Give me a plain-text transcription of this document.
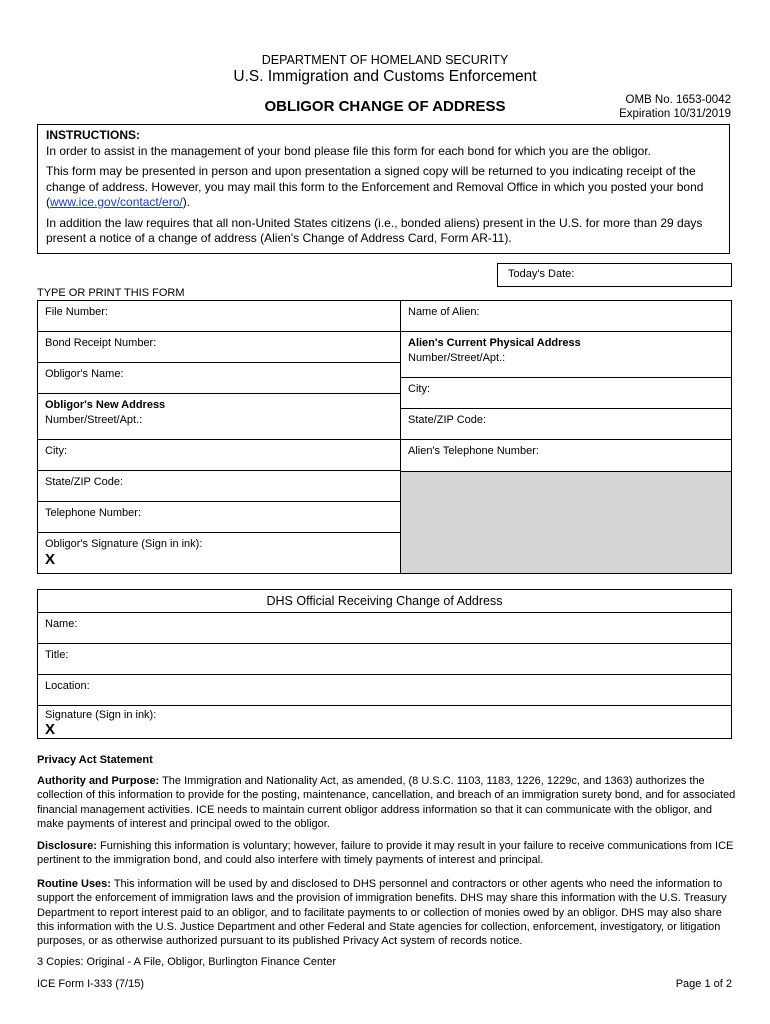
DEPARTMENT OF HOMELAND SECURITY
U.S. Immigration and Customs Enforcement
OBLIGOR CHANGE OF ADDRESS	OMB No. 1653-0042
Expiration 10/31/2019

INSTRUCTIONS:

In order to assist in the management of your bond please file this form for each bond for which you are the obligor.

This form may be presented in person and upon presentation a signed copy will be returned to you indicating receipt of the change of address. However, you may mail this form to the Enforcement and Removal Office in which you posted your bond (www.ice.gov/contact/ero/).

In addition the law requires that all non-United States citizens (i.e., bonded aliens) present in the U.S. for more than 29 days present a notice of a change of address (Alien's Change of Address Card, Form AR-11).

Today's Date:
TYPE OR PRINT THIS FORM
File Number:
Bond Receipt Number:
Obligor's Name:
Obligor's New Address
Number/Street/Apt.:
City:
State/ZIP Code:
Telephone Number:
Obligor's Signature (Sign in ink):
X
Name of Alien:
Alien's Current Physical Address
Number/Street/Apt.:
City:
State/ZIP Code:
Alien's Telephone Number:
DHS Official Receiving Change of Address
Name:
Title:
Location:
Signature (Sign in ink):
X

Privacy Act Statement

Authority and Purpose: The Immigration and Nationality Act, as amended, (8 U.S.C. 1103, 1183, 1226, 1229c, and 1363) authorizes the collection of this information to provide for the posting, maintenance, cancellation, and breach of an immigration surety bond, and for associated financial management activities. ICE needs to maintain current obligor address information so that it can communicate with the obligor, and make payments of interest and principal owed to the obligor.

Disclosure: Furnishing this information is voluntary; however, failure to provide it may result in your failure to receive communications from ICE pertinent to the immigration bond, and could also interfere with timely payments of interest and principal.

Routine Uses: This information will be used by and disclosed to DHS personnel and contractors or other agents who need the information to support the enforcement of immigration laws and the provision of immigration benefits. DHS may share this information with the U.S. Treasury Department to report interest paid to an obligor, and to facilitate payments to or collection of monies owed by an obligor. DHS may also share this information with the U.S. Justice Department and other Federal and State agencies for collection, enforcement, investigatory, or litigation purposes, or as otherwise authorized pursuant to its published Privacy Act system of records notice.

3 Copies: Original - A File, Obligor, Burlington Finance Center
ICE Form I-333 (7/15)	Page 1 of 2
